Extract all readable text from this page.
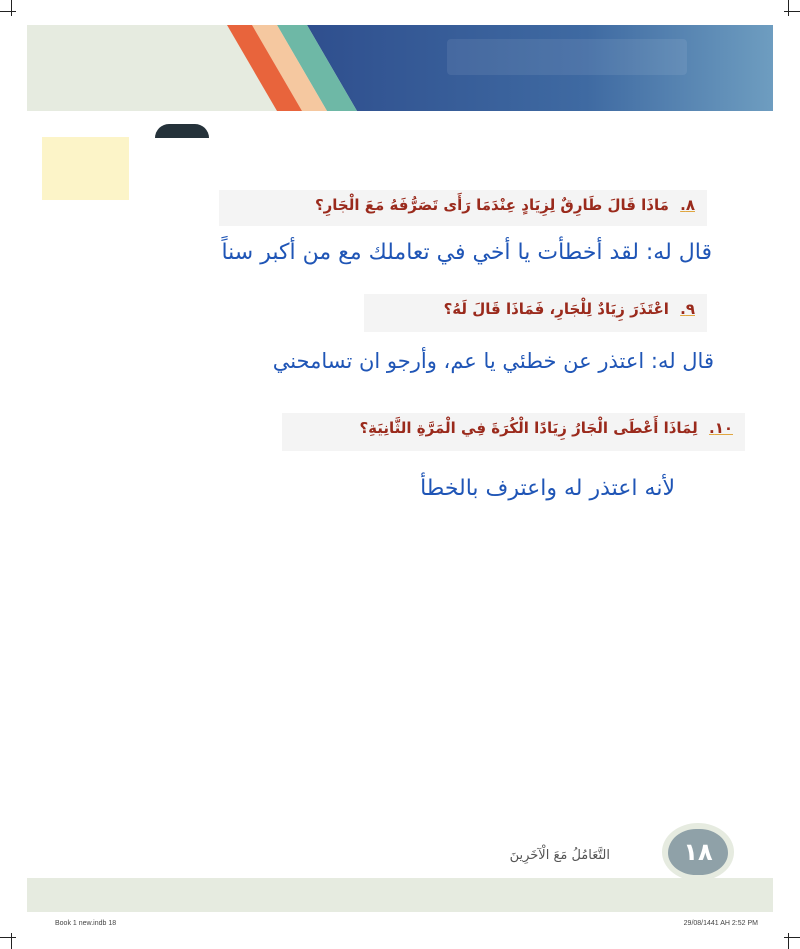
٨. مَاذَا قَالَ طَارِقٌ لِزِيَادٍ عِنْدَمَا رَأَى تَصَرُّفَهُ مَعَ الْجَارِ؟
قال له: لقد أخطأت يا أخي في تعاملك مع من أكبر سناً
٩. اعْتَذَرَ زِيَادٌ لِلْجَارِ، فَمَاذَا قَالَ لَهُ؟
قال له: اعتذر عن خطئي يا عم، وأرجو ان تسامحني
١٠. لِمَاذَا أَعْطَى الْجَارُ زِيَادًا الْكُرَةَ فِي الْمَرَّةِ الثَّانِيَةِ؟
لأنه اعتذر له واعترف بالخطأ
١٨
التَّعَامُلُ مَعَ الْآخَرِينَ
Book 1 new.indb 18	29/08/1441 AH 2:52 PM
